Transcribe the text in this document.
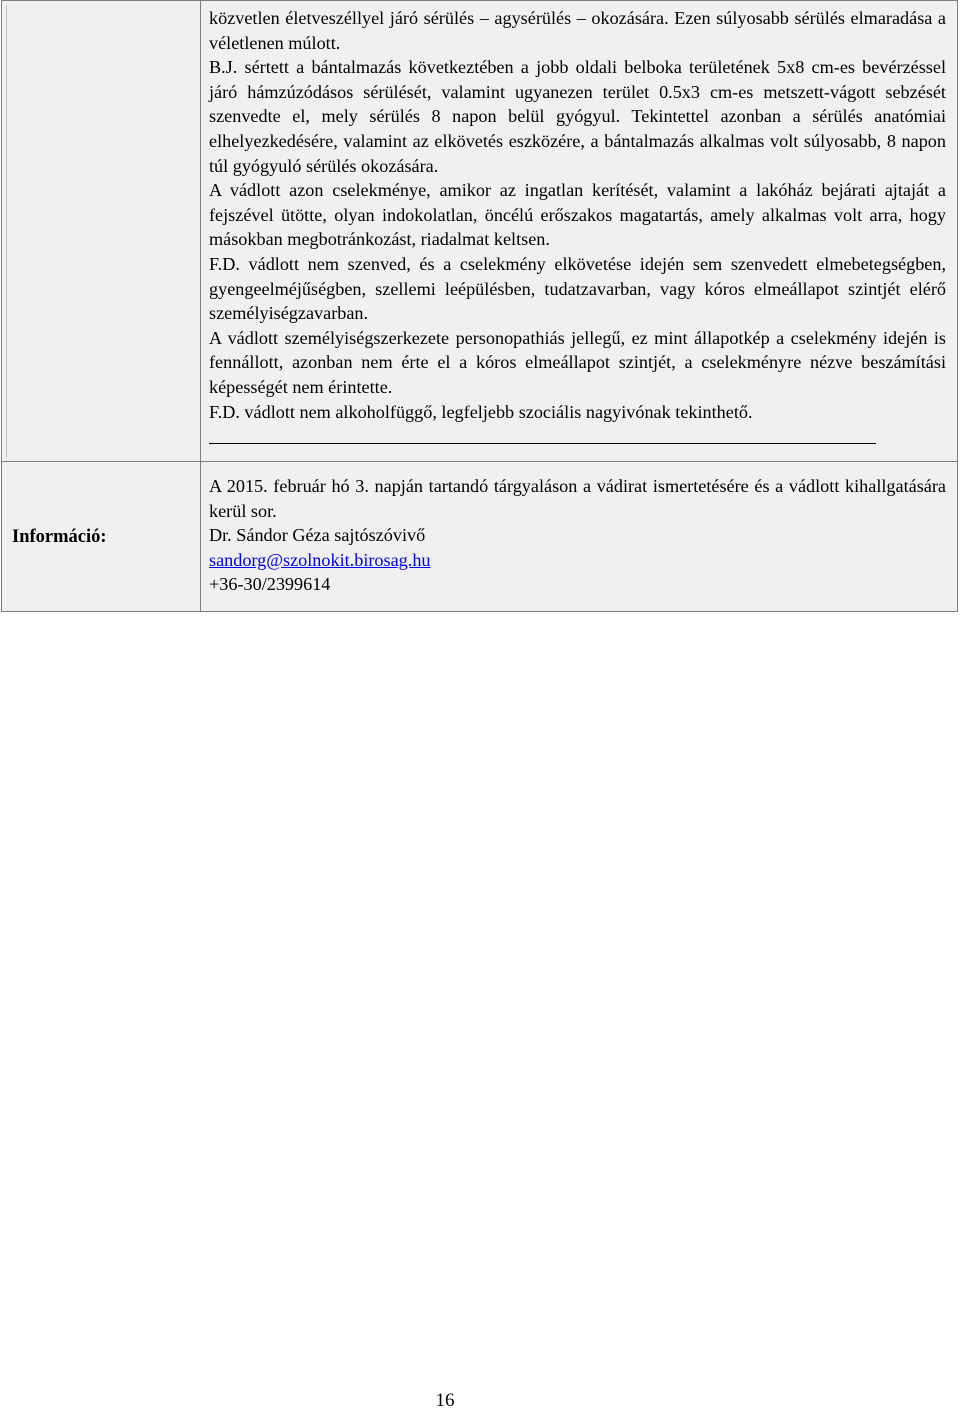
közvetlen életveszéllyel járó sérülés – agysérülés – okozására. Ezen súlyosabb sérülés elmaradása a véletlenen múlott.

B.J. sértett a bántalmazás következtében a jobb oldali belboka területének 5x8 cm-es bevérzéssel járó hámzúzódásos sérülését, valamint ugyanezen terület 0.5x3 cm-es metszett-vágott sebzését szenvedte el, mely sérülés 8 napon belül gyógyul. Tekintettel azonban a sérülés anatómiai elhelyezkedésére, valamint az elkövetés eszközére, a bántalmazás alkalmas volt súlyosabb, 8 napon túl gyógyuló sérülés okozására.

A vádlott azon cselekménye, amikor az ingatlan kerítését, valamint a lakóház bejárati ajtaját a fejszével ütötte, olyan indokolatlan, öncélú erőszakos magatartás, amely alkalmas volt arra, hogy másokban megbotránkozást, riadalmat keltsen.

F.D. vádlott nem szenved, és a cselekmény elkövetése idején sem szenvedett elmebetegségben, gyengeelméjűségben, szellemi leépülésben, tudatzavarban, vagy kóros elmeállapot szintjét elérő személyiségzavarban.

A vádlott személyiségszerkezete personopathiás jellegű, ez mint állapotkép a cselekmény idején is fennállott, azonban nem érte el a kóros elmeállapot szintjét, a cselekményre nézve beszámítási képességét nem érintette.

F.D. vádlott nem alkoholfüggő, legfeljebb szociális nagyivónak tekinthető.

Információ:

A 2015. február hó 3. napján tartandó tárgyaláson a vádirat ismertetésére és a vádlott kihallgatására kerül sor.

Dr. Sándor Géza sajtószóvivő

sandorg@szolnokit.birosag.hu

+36-30/2399614

16
